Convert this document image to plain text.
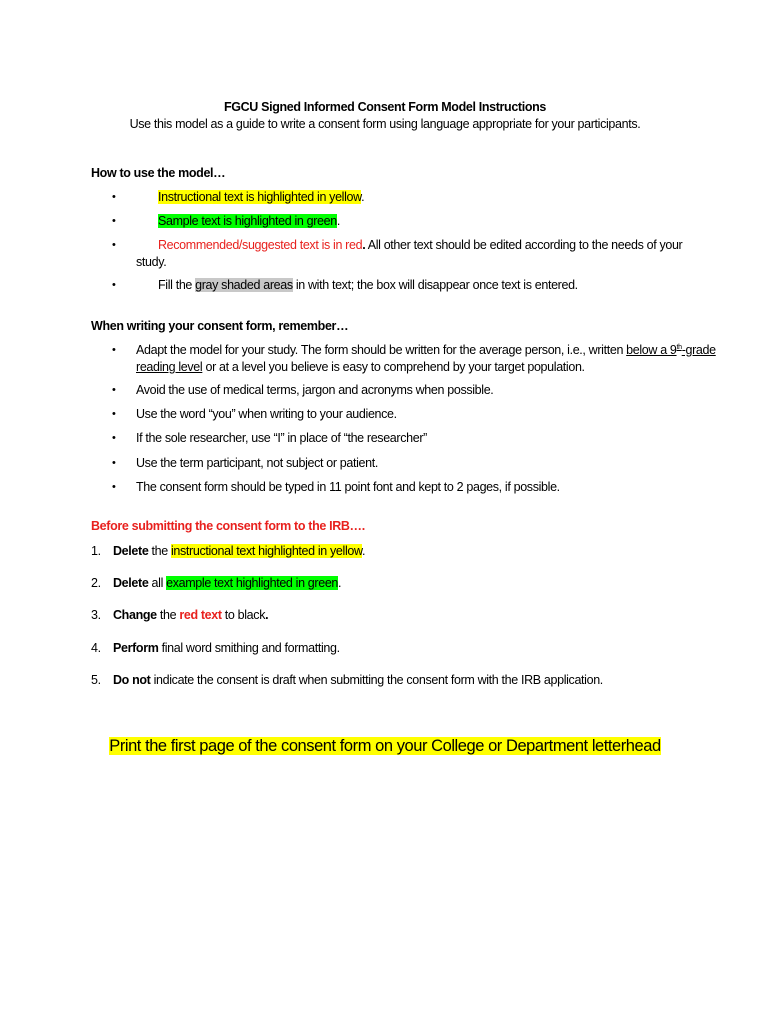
FGCU Signed Informed Consent Form Model Instructions
Use this model as a guide to write a consent form using language appropriate for your participants.
How to use the model…
•	Instructional text is highlighted in yellow.
•	Sample text is highlighted in green.
•	Recommended/suggested text is in red. All other text should be edited according to the needs of your
study.
•	Fill the gray shaded areas in with text; the box will disappear once text is entered.
When writing your consent form, remember…
• Adapt the model for your study. The form should be written for the average person, i.e., written below a 9th-grade
reading level or at a level you believe is easy to comprehend by your target population.
• Avoid the use of medical terms, jargon and acronyms when possible.
• Use the word “you” when writing to your audience.
• If the sole researcher, use “I” in place of “the researcher”
• Use the term participant, not subject or patient.
• The consent form should be typed in 11 point font and kept to 2 pages, if possible.
Before submitting the consent form to the IRB….
1. Delete the instructional text highlighted in yellow.
2. Delete all example text highlighted in green.
3. Change the red text to black.
4. Perform final word smithing and formatting.
5. Do not indicate the consent is draft when submitting the consent form with the IRB application.
Print the first page of the consent form on your College or Department letterhead
